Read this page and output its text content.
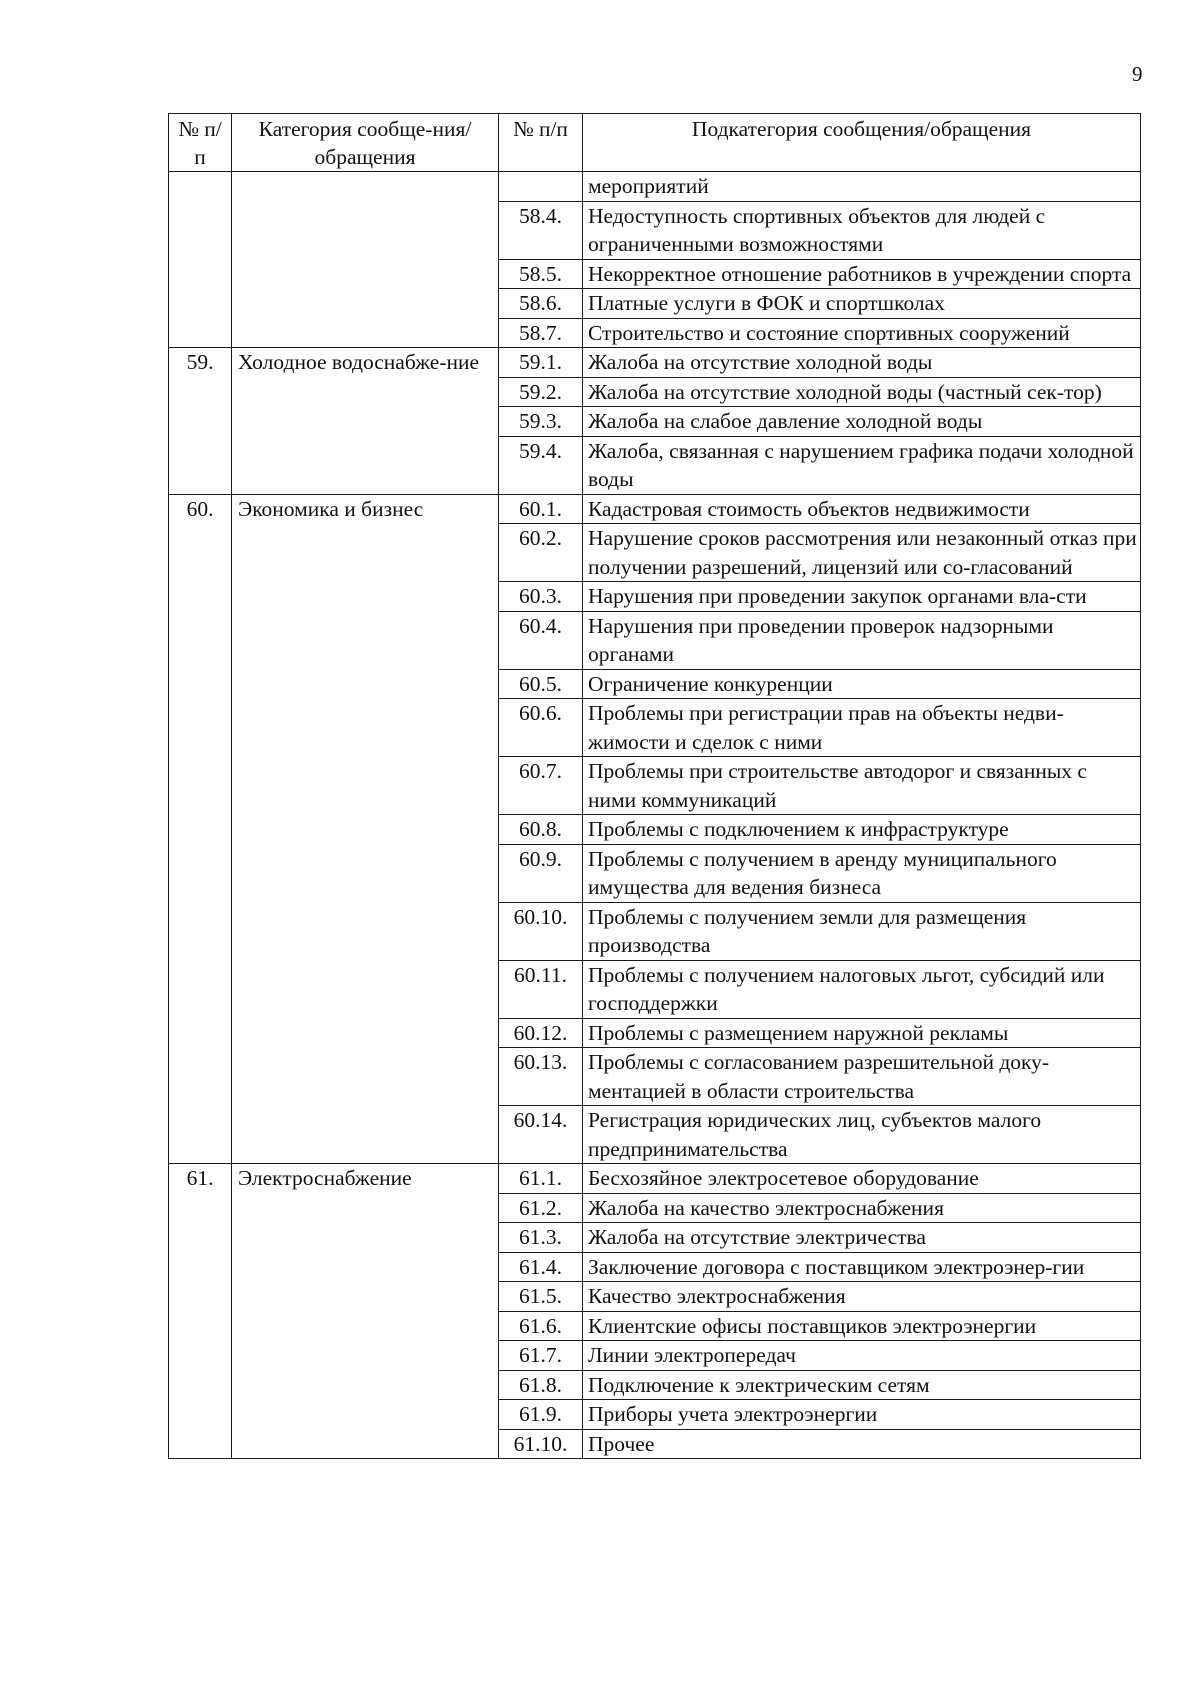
9
№ п/п	Категория сообще-ния/обращения	№ п/п	Подкатегория сообщения/обращения
			мероприятий
		58.4.	Недоступность спортивных объектов для людей с ограниченными возможностями
		58.5.	Некорректное отношение работников в учреждении спорта
		58.6.	Платные услуги в ФОК и спортшколах
		58.7.	Строительство и состояние спортивных сооружений
59.	Холодное водоснабже-ние	59.1.	Жалоба на отсутствие холодной воды
		59.2.	Жалоба на отсутствие холодной воды (частный сек-тор)
		59.3.	Жалоба на слабое давление холодной воды
		59.4.	Жалоба, связанная с нарушением графика подачи холодной воды
60.	Экономика и бизнес	60.1.	Кадастровая стоимость объектов недвижимости
		60.2.	Нарушение сроков рассмотрения или незаконный отказ при получении разрешений, лицензий или со-гласований
		60.3.	Нарушения при проведении закупок органами вла-сти
		60.4.	Нарушения при проведении проверок надзорными органами
		60.5.	Ограничение конкуренции
		60.6.	Проблемы при регистрации прав на объекты недви-жимости и сделок с ними
		60.7.	Проблемы при строительстве автодорог и связанных с ними коммуникаций
		60.8.	Проблемы с подключением к инфраструктуре
		60.9.	Проблемы с получением в аренду муниципального имущества для ведения бизнеса
		60.10.	Проблемы с получением земли для размещения производства
		60.11.	Проблемы с получением налоговых льгот, субсидий или господдержки
		60.12.	Проблемы с размещением наружной рекламы
		60.13.	Проблемы с согласованием разрешительной доку-ментацией в области строительства
		60.14.	Регистрация юридических лиц, субъектов малого предпринимательства
61.	Электроснабжение	61.1.	Бесхозяйное электросетевое оборудование
		61.2.	Жалоба на качество электроснабжения
		61.3.	Жалоба на отсутствие электричества
		61.4.	Заключение договора с поставщиком электроэнер-гии
		61.5.	Качество электроснабжения
		61.6.	Клиентские офисы поставщиков электроэнергии
		61.7.	Линии электропередач
		61.8.	Подключение к электрическим сетям
		61.9.	Приборы учета электроэнергии
		61.10.	Прочее
